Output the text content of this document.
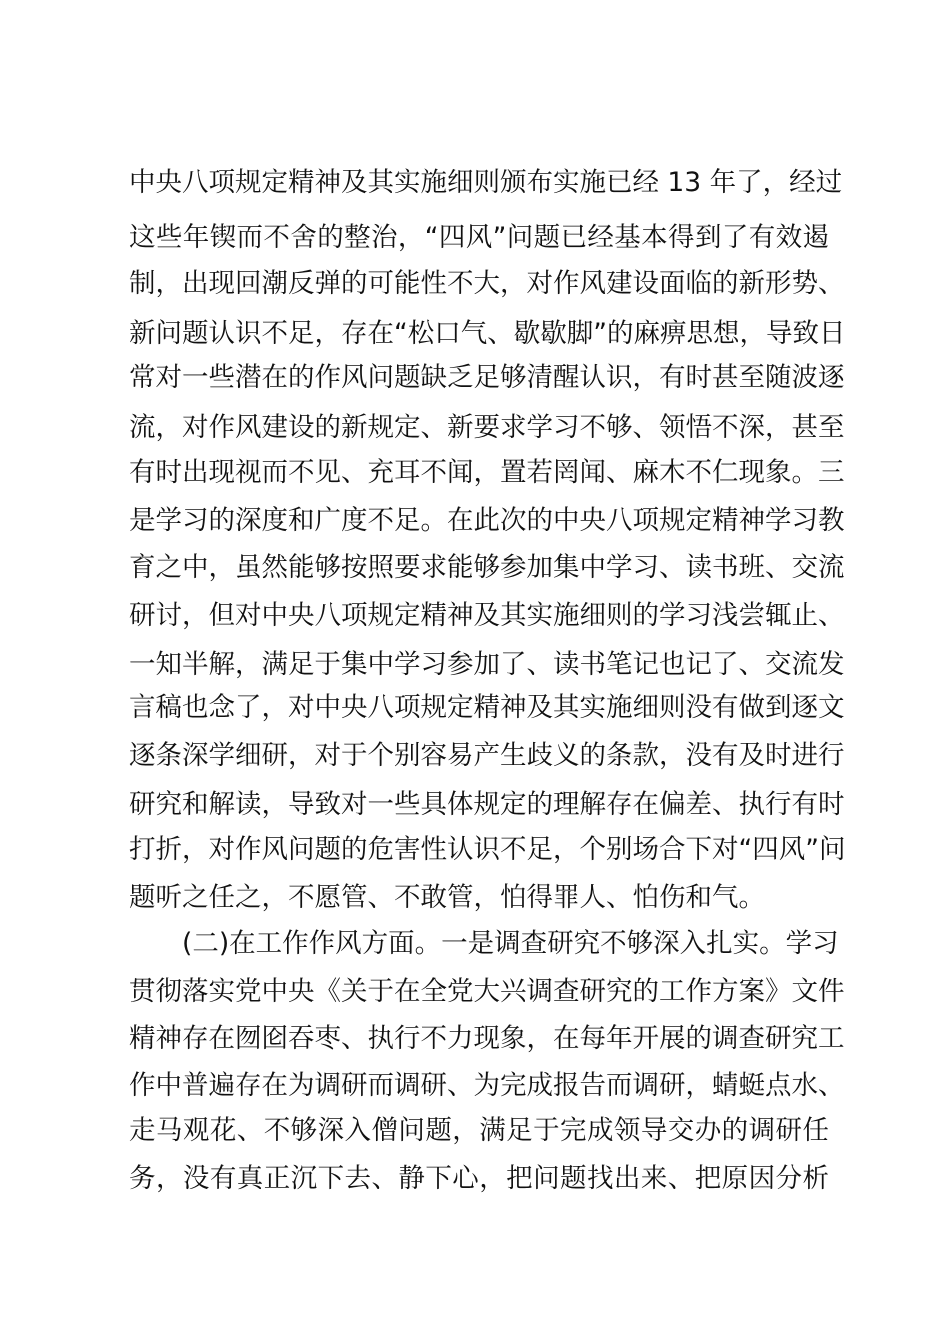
中央八项规定精神及其实施细则颁布实施已经 13 年了，经过

这些年锲而不舍的整治，“四风”问题已经基本得到了有效遏

制，出现回潮反弹的可能性不大，对作风建设面临的新形势、

新问题认识不足，存在“松口气、歇歇脚”的麻痹思想，导致日

常对一些潜在的作风问题缺乏足够清醒认识，有时甚至随波逐

流，对作风建设的新规定、新要求学习不够、领悟不深，甚至

有时出现视而不见、充耳不闻，置若罔闻、麻木不仁现象。三

是学习的深度和广度不足。在此次的中央八项规定精神学习教

育之中，虽然能够按照要求能够参加集中学习、读书班、交流

研讨，但对中央八项规定精神及其实施细则的学习浅尝辄止、

一知半解，满足于集中学习参加了、读书笔记也记了、交流发

言稿也念了，对中央八项规定精神及其实施细则没有做到逐文

逐条深学细研，对于个别容易产生歧义的条款，没有及时进行

研究和解读，导致对一些具体规定的理解存在偏差、执行有时

打折，对作风问题的危害性认识不足，个别场合下对“四风”问

题听之任之，不愿管、不敢管，怕得罪人、怕伤和气。

(二)在工作作风方面。一是调查研究不够深入扎实。学习

贯彻落实党中央《关于在全党大兴调查研究的工作方案》文件

精神存在囫囵吞枣、执行不力现象，在每年开展的调查研究工

作中普遍存在为调研而调研、为完成报告而调研，蜻蜓点水、

走马观花、不够深入僧问题，满足于完成领导交办的调研任

务，没有真正沉下去、静下心，把问题找出来、把原因分析
